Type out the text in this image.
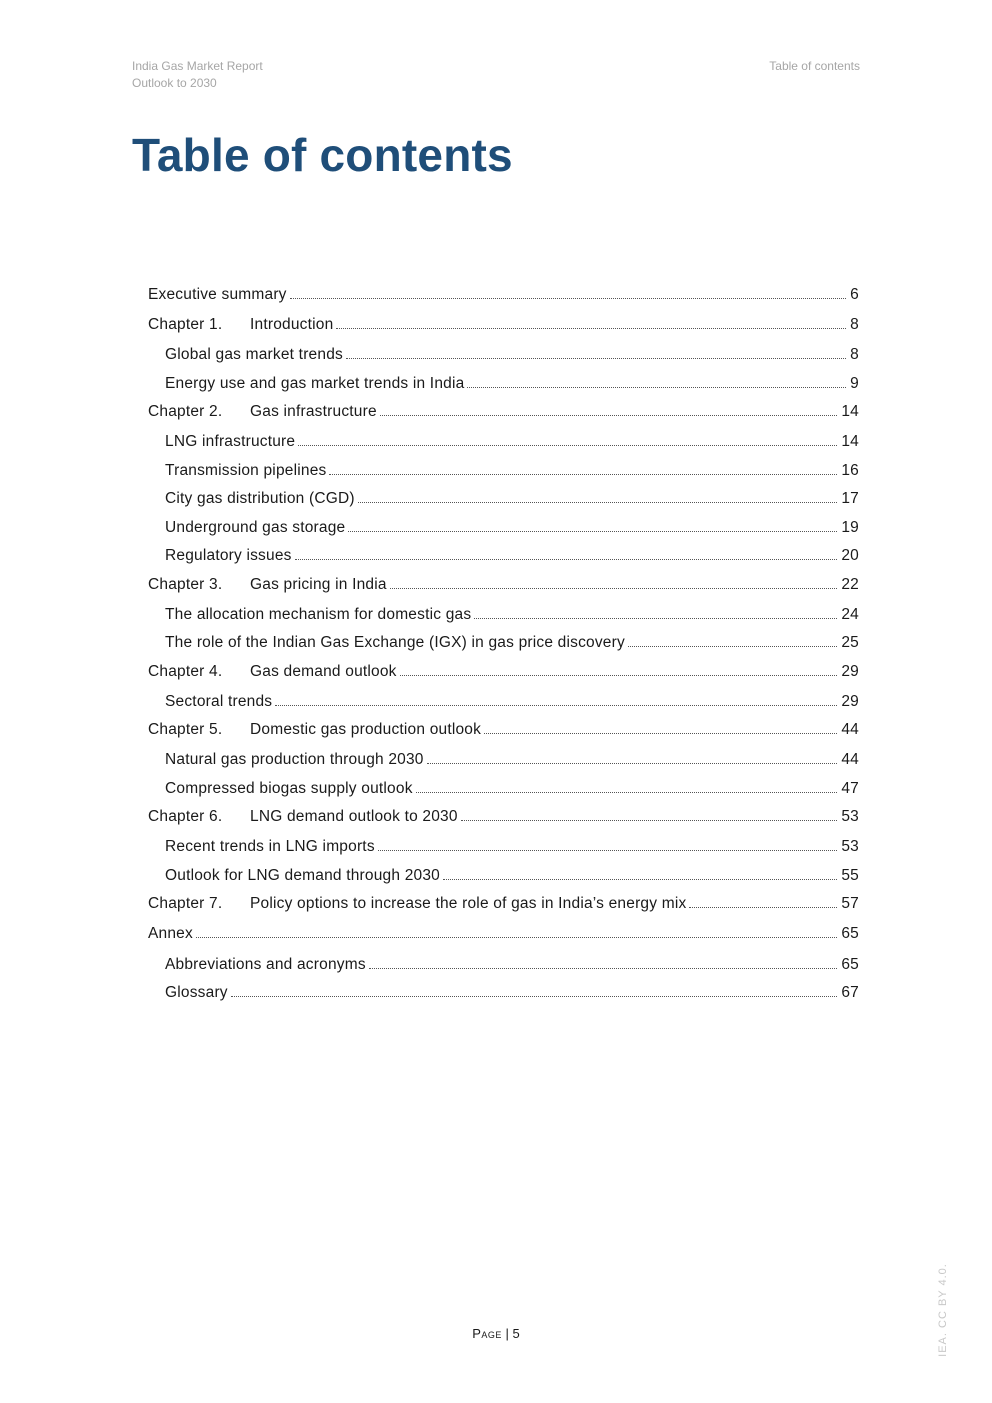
India Gas Market Report
Outlook to 2030
Table of contents
Table of contents
Executive summary	6
Chapter 1. Introduction	8
Global gas market trends	8
Energy use and gas market trends in India	9
Chapter 2. Gas infrastructure	14
LNG infrastructure	14
Transmission pipelines	16
City gas distribution (CGD)	17
Underground gas storage	19
Regulatory issues	20
Chapter 3. Gas pricing in India	22
The allocation mechanism for domestic gas	24
The role of the Indian Gas Exchange (IGX) in gas price discovery	25
Chapter 4. Gas demand outlook	29
Sectoral trends	29
Chapter 5. Domestic gas production outlook	44
Natural gas production through 2030	44
Compressed biogas supply outlook	47
Chapter 6. LNG demand outlook to 2030	53
Recent trends in LNG imports	53
Outlook for LNG demand through 2030	55
Chapter 7. Policy options to increase the role of gas in India’s energy mix	57
Annex	65
Abbreviations and acronyms	65
Glossary	67
Page | 5	IEA. CC BY 4.0.
